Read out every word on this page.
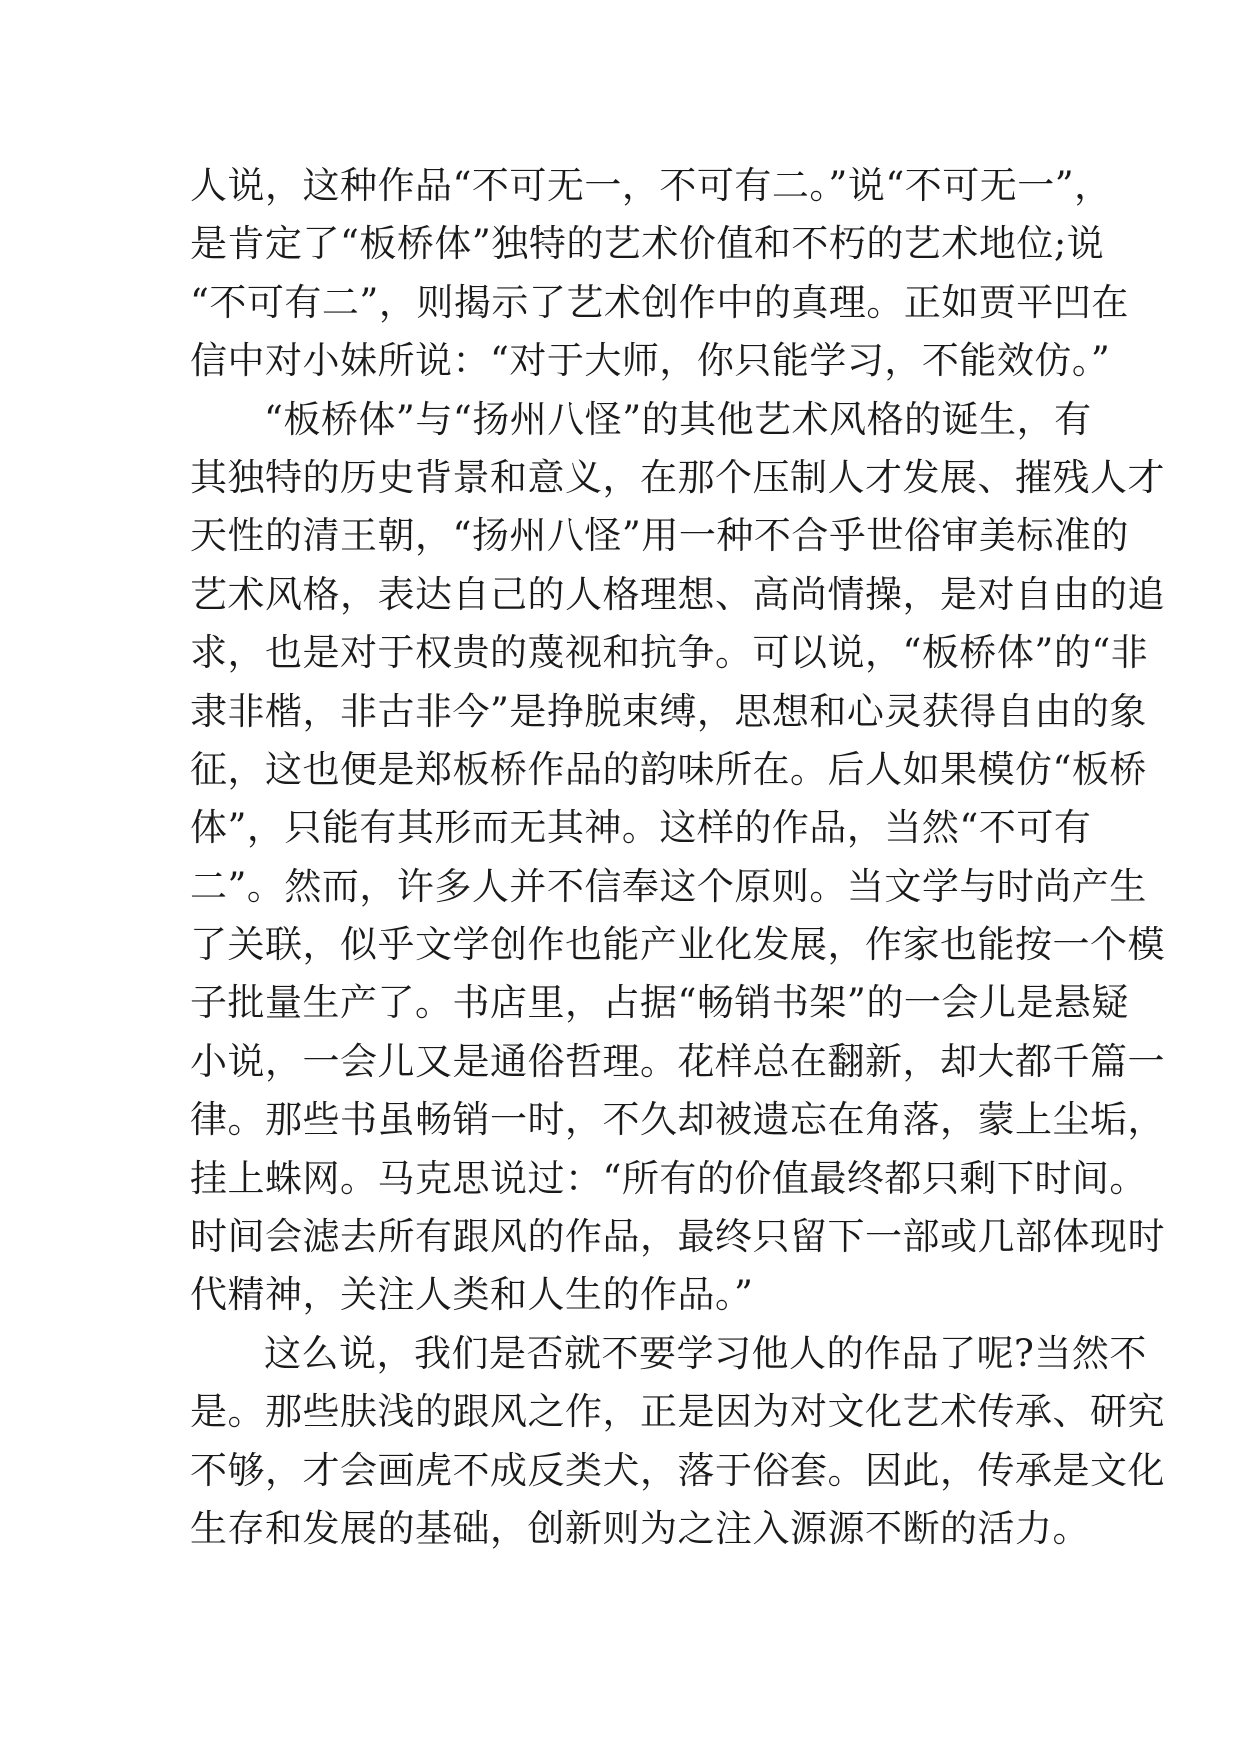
人说，这种作品“不可无一，不可有二。”说“不可无一”，
是肯定了“板桥体”独特的艺术价值和不朽的艺术地位;说
“不可有二”，则揭示了艺术创作中的真理。正如贾平凹在
信中对小妹所说：“对于大师，你只能学习，不能效仿。”
“板桥体”与“扬州八怪”的其他艺术风格的诞生，有
其独特的历史背景和意义，在那个压制人才发展、摧残人才
天性的清王朝，“扬州八怪”用一种不合乎世俗审美标准的
艺术风格，表达自己的人格理想、高尚情操，是对自由的追
求，也是对于权贵的蔑视和抗争。可以说，“板桥体”的“非
隶非楷，非古非今”是挣脱束缚，思想和心灵获得自由的象
征，这也便是郑板桥作品的韵味所在。后人如果模仿“板桥
体”，只能有其形而无其神。这样的作品，当然“不可有
二”。然而，许多人并不信奉这个原则。当文学与时尚产生
了关联，似乎文学创作也能产业化发展，作家也能按一个模
子批量生产了。书店里，占据“畅销书架”的一会儿是悬疑
小说，一会儿又是通俗哲理。花样总在翻新，却大都千篇一
律。那些书虽畅销一时，不久却被遗忘在角落，蒙上尘垢，
挂上蛛网。马克思说过：“所有的价值最终都只剩下时间。
时间会滤去所有跟风的作品，最终只留下一部或几部体现时
代精神，关注人类和人生的作品。”
这么说，我们是否就不要学习他人的作品了呢?当然不
是。那些肤浅的跟风之作，正是因为对文化艺术传承、研究
不够，才会画虎不成反类犬，落于俗套。因此，传承是文化
生存和发展的基础，创新则为之注入源源不断的活力。
